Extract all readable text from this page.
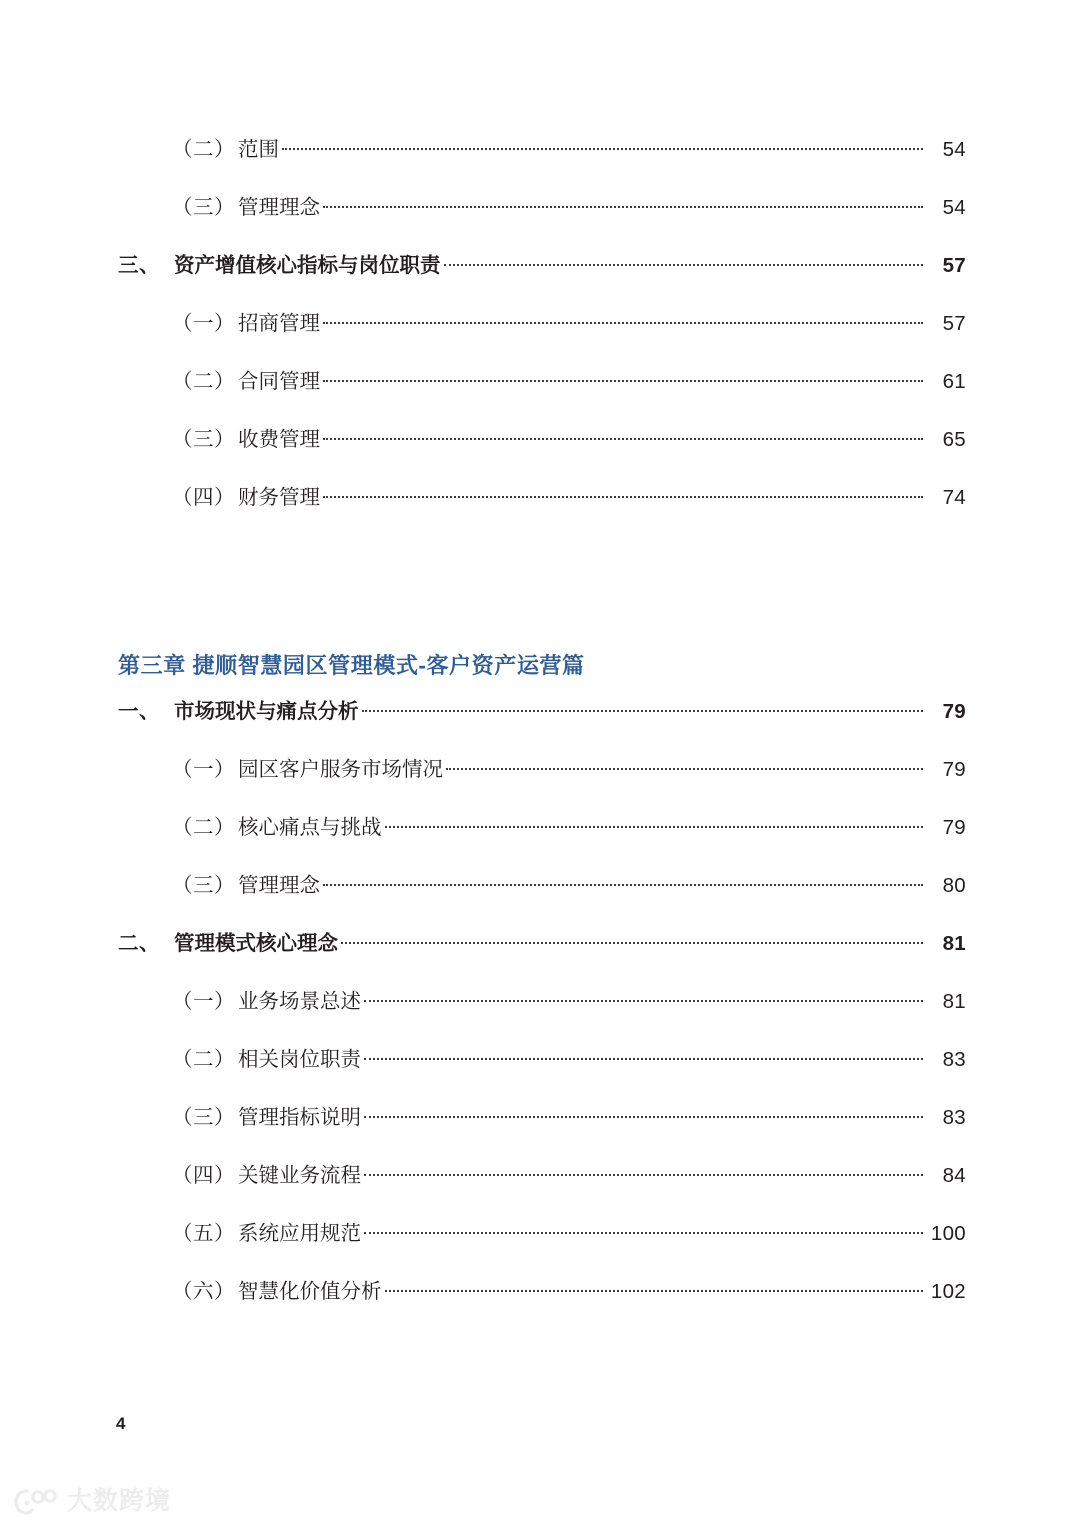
（二） 范围	54
（三） 管理理念	54
三、 资产增值核心指标与岗位职责	57
（一） 招商管理	57
（二） 合同管理	61
（三） 收费管理	65
（四） 财务管理	74
第三章 捷顺智慧园区管理模式-客户资产运营篇
一、 市场现状与痛点分析	79
（一） 园区客户服务市场情况	79
（二） 核心痛点与挑战	79
（三） 管理理念	80
二、 管理模式核心理念	81
（一） 业务场景总述	81
（二） 相关岗位职责	83
（三） 管理指标说明	83
（四） 关键业务流程	84
（五） 系统应用规范	100
（六） 智慧化价值分析	102
4
大数跨境
